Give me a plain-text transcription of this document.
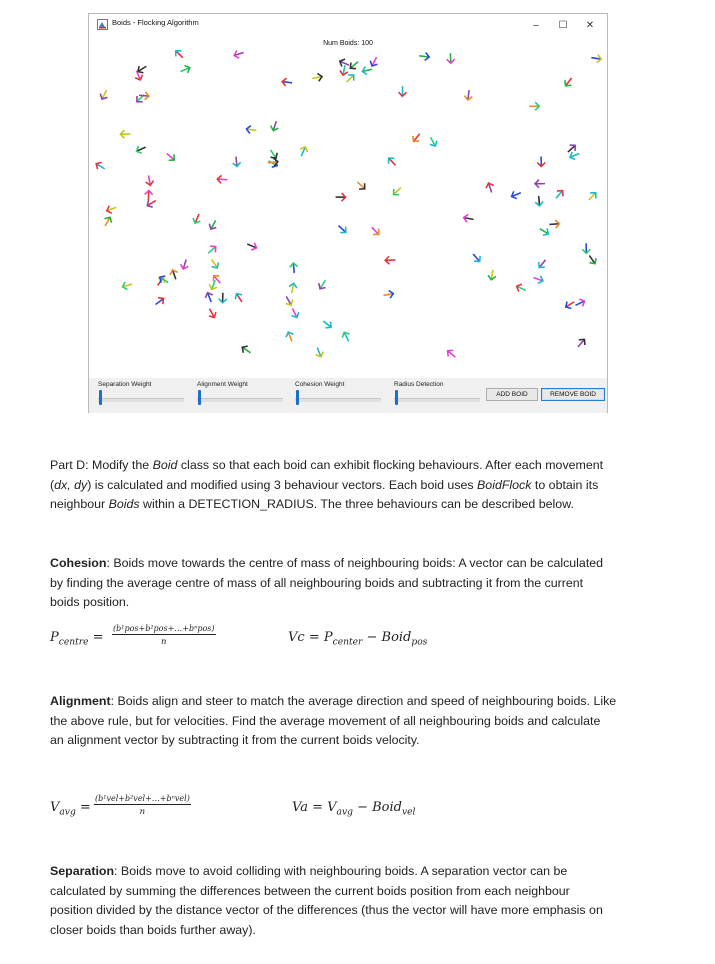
Boids - Flocking Algorithm	–	☐	✕
Num Boids: 100
Separation Weight	Alignment Weight	Cohesion Weight	Radius Detection
ADD BOID	REMOVE BOID
Part D: Modify the Boid class so that each boid can exhibit flocking behaviours. After each movement
(dx, dy) is calculated and modified using 3 behaviour vectors. Each boid uses BoidFlock to obtain its
neighbour Boids within a DETECTION_RADIUS. The three behaviours can be described below.
Cohesion: Boids move towards the centre of mass of neighbouring boids: A vector can be calculated
by finding the average centre of mass of all neighbouring boids and subtracting it from the current
boids position.
$P_{centre}$ =
(b¹pos+b²pos+…+bⁿpos)
n	$Vc = P_{center}$ − Boid$_{pos}$
Alignment: Boids align and steer to match the average direction and speed of neighbouring boids. Like
the above rule, but for velocities. Find the average movement of all neighbouring boids and calculate
an alignment vector by subtracting it from the current boids velocity.
$V_{avg}$ =
(b¹vel+b²vel+…+bⁿvel)
n	$Va = V_{avg}$ − Boid$_{vel}$
Separation: Boids move to avoid colliding with neighbouring boids. A separation vector can be
calculated by summing the differences between the current boids position from each neighbour
position divided by the distance vector of the differences (thus the vector will have more emphasis on
closer boids than boids further away).
